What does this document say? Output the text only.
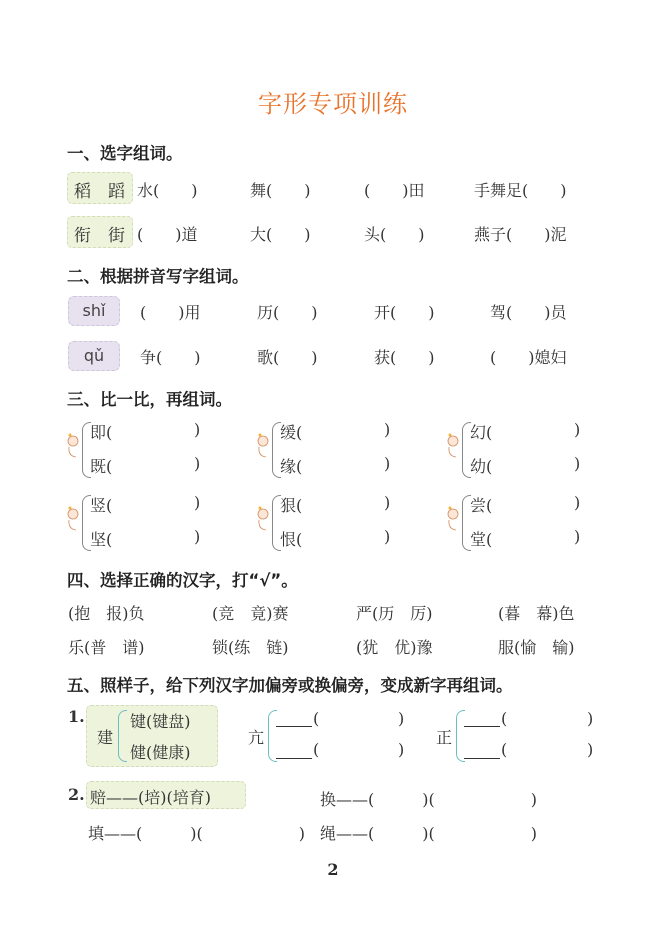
字形专项训练
一、选字组词。
稻　蹈 水(　　)	舞(　　)	(　　)田	手舞足(　　)
衔　街 (　　)道	大(　　)	头(　　)	燕子(　　)泥
二、根据拼音写字组词。
shǐ	(　　)用	历(　　)	开(　　)	驾(　　)员
qǔ	争(　　)	歌(　　)	获(　　)	(　　)媳妇
三、比一比，再组词。
即(	)
既(	)
缓(	)
缘(	)
幻(	)
幼(	)
竖(	)
坚(	)
狠(	)
恨(	)
尝(	)
堂(	)
四、选择正确的汉字，打“√”。
(抱　报)负	(竞　竟)赛	严(历　厉)	(暮　幕)色
乐(普　谱)	锁(练　链)	(犹　优)豫	服(愉　输)
五、照样子，给下列汉字加偏旁或换偏旁，变成新字再组词。
1.
建
键(键盘)
健(健康)
亢
(	)
(	)
正
(	)
(	)
2. 赔——(培)(培育)	换——(　　　)(　　　　　　)
填——(　　　)(　　　　　　) 绳——(　　　)(　　　　　　)
2
